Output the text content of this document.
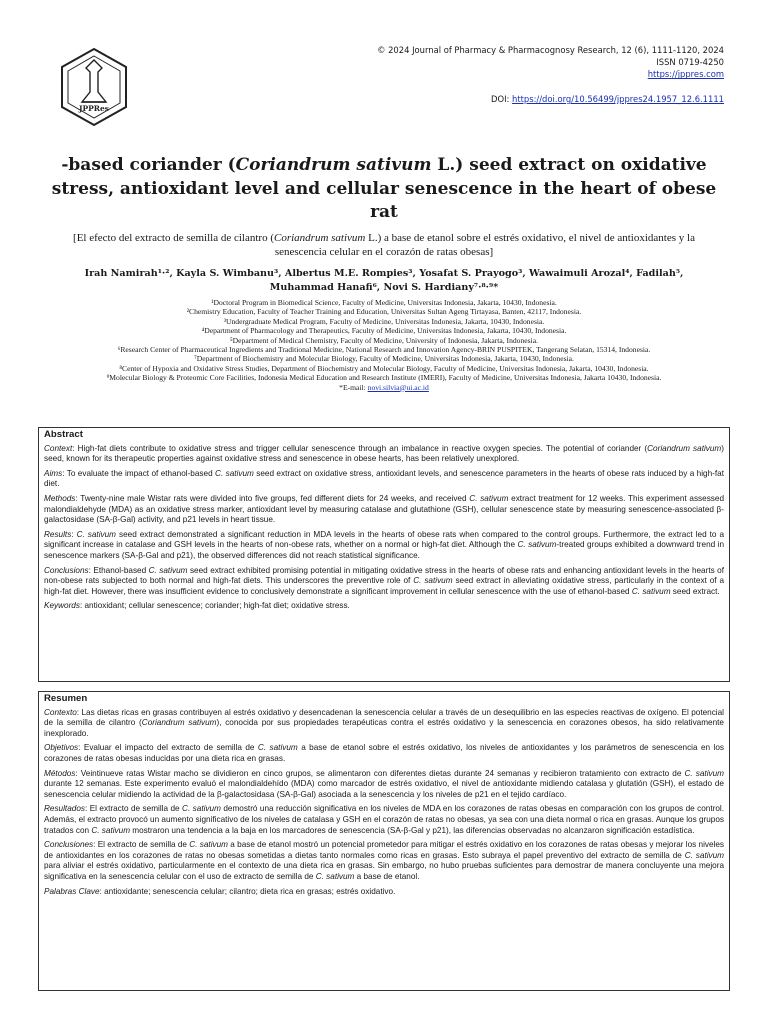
JPPRes
© 2024 Journal of Pharmacy & Pharmacognosy Research, 12 (6), 1111-1120, 2024
ISSN 0719-4250
https://jppres.com
DOI: https://doi.org/10.56499/jppres24.1957_12.6.1111
-based coriander (Coriandrum sativum L.) seed extract on oxidative stress, antioxidant level and cellular senescence in the heart of obese rat
[El efecto del extracto de semilla de cilantro (Coriandrum sativum L.) a base de etanol sobre el estrés oxidativo, el nivel de antioxidantes y la senescencia celular en el corazón de ratas obesas]
Irah Namirah¹·², Kayla S. Wimbanu³, Albertus M.E. Rompies³, Yosafat S. Prayogo³, Wawaimuli Arozal⁴, Fadilah⁵,
Muhammad Hanafi⁶, Novi S. Hardiany⁷·⁸·⁹*
¹Doctoral Program in Biomedical Science, Faculty of Medicine, Universitas Indonesia, Jakarta, 10430, Indonesia.
²Chemistry Education, Faculty of Teacher Training and Education, Universitas Sultan Ageng Tirtayasa, Banten, 42117, Indonesia.
³Undergraduate Medical Program, Faculty of Medicine, Universitas Indonesia, Jakarta, 10430, Indonesia.
⁴Department of Pharmacology and Therapeutics, Faculty of Medicine, Universitas Indonesia, Jakarta, 10430, Indonesia.
⁵Department of Medical Chemistry, Faculty of Medicine, University of Indonesia, Jakarta, Indonesia.
⁶Research Center of Pharmaceutical Ingredients and Traditional Medicine, National Research and Innovation Agency-BRIN PUSPITEK, Tangerang Selatan, 15314, Indonesia.
⁷Department of Biochemistry and Molecular Biology, Faculty of Medicine, Universitas Indonesia, Jakarta, 10430, Indonesia.
⁸Center of Hypoxia and Oxidative Stress Studies, Department of Biochemistry and Molecular Biology, Faculty of Medicine, Universitas Indonesia, Jakarta, 10430, Indonesia.
⁹Molecular Biology & Proteomic Core Facilities, Indonesia Medical Education and Research Institute (IMERI), Faculty of Medicine, Universitas Indonesia, Jakarta 10430, Indonesia.
*E-mail: novi.silvia@ui.ac.id
Abstract

Context: High-fat diets contribute to oxidative stress and trigger cellular senescence through an imbalance in reactive oxygen species. The potential of coriander (Coriandrum sativum) seed, known for its therapeutic properties against oxidative stress and senescence in obese hearts, has been relatively unexplored.

Aims: To evaluate the impact of ethanol-based C. sativum seed extract on oxidative stress, antioxidant levels, and senescence parameters in the hearts of obese rats induced by a high-fat diet.

Methods: Twenty-nine male Wistar rats were divided into five groups, fed different diets for 24 weeks, and received C. sativum extract treatment for 12 weeks. This experiment assessed malondialdehyde (MDA) as an oxidative stress marker, antioxidant level by measuring catalase and glutathione (GSH), cellular senescence state by measuring senescence-associated β-galactosidase (SA-β-Gal) activity, and p21 levels in heart tissue.

Results: C. sativum seed extract demonstrated a significant reduction in MDA levels in the hearts of obese rats when compared to the control groups. Furthermore, the extract led to a significant increase in catalase and GSH levels in the hearts of non-obese rats, whether on a normal or high-fat diet. Although the C. sativum-treated groups exhibited a downward trend in senescence markers (SA-β-Gal and p21), the observed differences did not reach statistical significance.

Conclusions: Ethanol-based C. sativum seed extract exhibited promising potential in mitigating oxidative stress in the hearts of obese rats and enhancing antioxidant levels in the hearts of non-obese rats subjected to both normal and high-fat diets. This underscores the preventive role of C. sativum seed extract in alleviating oxidative stress, particularly in the context of a high-fat diet. However, there was insufficient evidence to conclusively demonstrate a significant improvement in cellular senescence with the use of ethanol-based C. sativum seed extract.

Keywords: antioxidant; cellular senescence; coriander; high-fat diet; oxidative stress.

Resumen

Contexto: Las dietas ricas en grasas contribuyen al estrés oxidativo y desencadenan la senescencia celular a través de un desequilibrio en las especies reactivas de oxígeno. El potencial de la semilla de cilantro (Coriandrum sativum), conocida por sus propiedades terapéuticas contra el estrés oxidativo y la senescencia en corazones obesos, ha sido relativamente inexplorado.

Objetivos: Evaluar el impacto del extracto de semilla de C. sativum a base de etanol sobre el estrés oxidativo, los niveles de antioxidantes y los parámetros de senescencia en los corazones de ratas obesas inducidas por una dieta rica en grasas.

Métodos: Veintinueve ratas Wistar macho se dividieron en cinco grupos, se alimentaron con diferentes dietas durante 24 semanas y recibieron tratamiento con extracto de C. sativum durante 12 semanas. Este experimento evaluó el malondialdehído (MDA) como marcador de estrés oxidativo, el nivel de antioxidante midiendo catalasa y glutatión (GSH), el estado de senescencia celular midiendo la actividad de la β-galactosidasa (SA-β-Gal) asociada a la senescencia y los niveles de p21 en el tejido cardíaco.

Resultados: El extracto de semilla de C. sativum demostró una reducción significativa en los niveles de MDA en los corazones de ratas obesas en comparación con los grupos de control. Además, el extracto provocó un aumento significativo de los niveles de catalasa y GSH en el corazón de ratas no obesas, ya sea con una dieta normal o rica en grasas. Aunque los grupos tratados con C. sativum mostraron una tendencia a la baja en los marcadores de senescencia (SA-β-Gal y p21), las diferencias observadas no alcanzaron significación estadística.

Conclusiones: El extracto de semilla de C. sativum a base de etanol mostró un potencial prometedor para mitigar el estrés oxidativo en los corazones de ratas obesas y mejorar los niveles de antioxidantes en los corazones de ratas no obesas sometidas a dietas tanto normales como ricas en grasas. Esto subraya el papel preventivo del extracto de semilla de C. sativum para aliviar el estrés oxidativo, particularmente en el contexto de una dieta rica en grasas. Sin embargo, no hubo pruebas suficientes para demostrar de manera concluyente una mejora significativa en la senescencia celular con el uso de extracto de semilla de C. sativum a base de etanol.

Palabras Clave: antioxidante; senescencia celular; cilantro; dieta rica en grasas; estrés oxidativo.
